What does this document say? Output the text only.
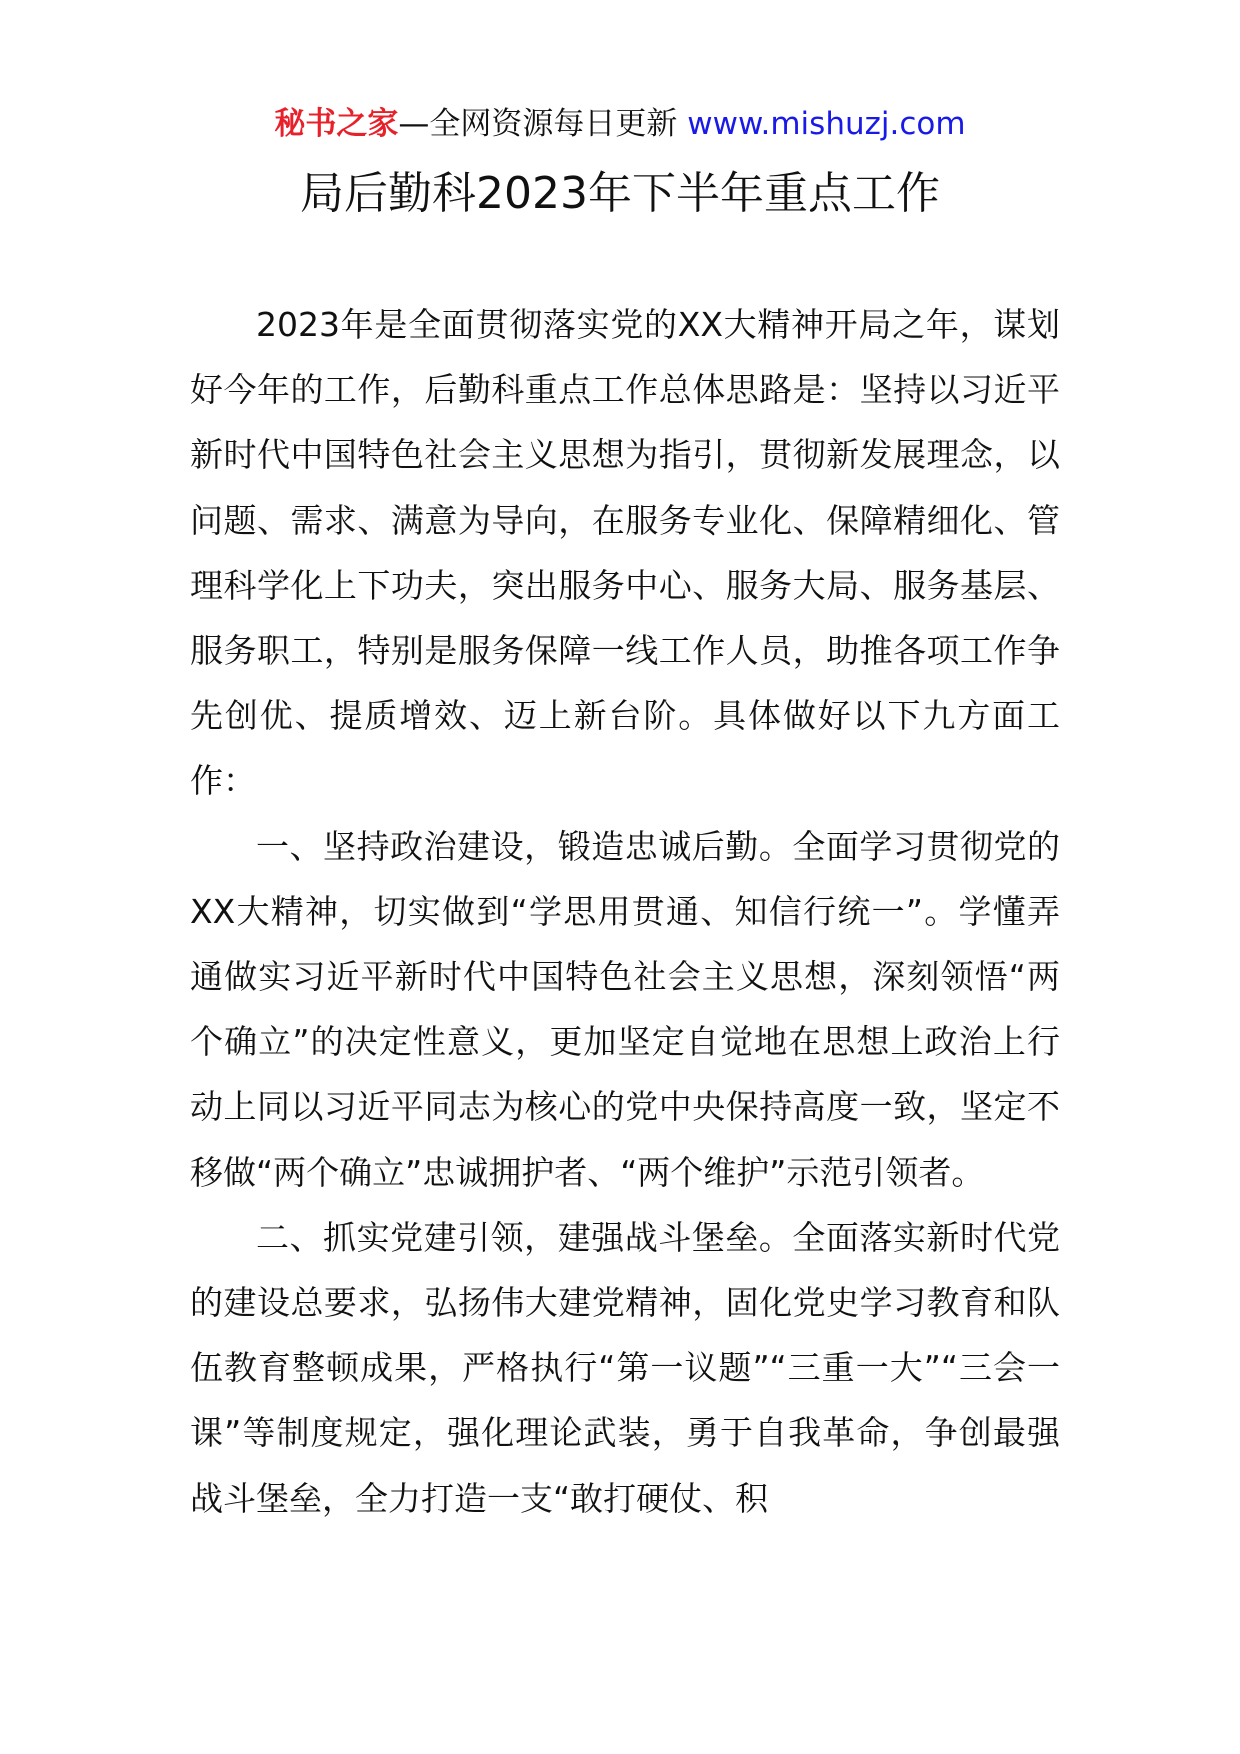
秘书之家—全网资源每日更新 www.mishuzj.com
局后勤科2023年下半年重点工作

2023年是全面贯彻落实党的XX大精神开局之年，谋划好今年的工作，后勤科重点工作总体思路是：坚持以习近平新时代中国特色社会主义思想为指引，贯彻新发展理念，以问题、需求、满意为导向，在服务专业化、保障精细化、管理科学化上下功夫，突出服务中心、服务大局、服务基层、服务职工，特别是服务保障一线工作人员，助推各项工作争先创优、提质增效、迈上新台阶。具体做好以下九方面工作：

一、坚持政治建设，锻造忠诚后勤。全面学习贯彻党的XX大精神，切实做到“学思用贯通、知信行统一”。学懂弄通做实习近平新时代中国特色社会主义思想，深刻领悟“两个确立”的决定性意义，更加坚定自觉地在思想上政治上行动上同以习近平同志为核心的党中央保持高度一致，坚定不移做“两个确立”忠诚拥护者、“两个维护”示范引领者。

二、抓实党建引领，建强战斗堡垒。全面落实新时代党的建设总要求，弘扬伟大建党精神，固化党史学习教育和队伍教育整顿成果，严格执行“第一议题”“三重一大”“三会一课”等制度规定，强化理论武装，勇于自我革命，争创最强战斗堡垒，全力打造一支“敢打硬仗、积
